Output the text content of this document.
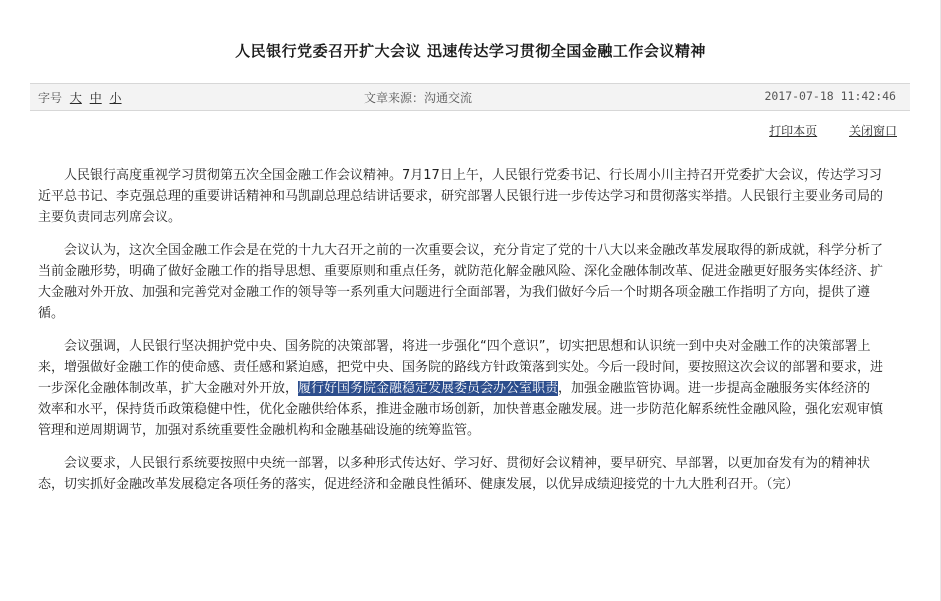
人民银行党委召开扩大会议 迅速传达学习贯彻全国金融工作会议精神
字号 大 中 小	文章来源：沟通交流	2017-07-18 11:42:46
打印本页	关闭窗口

人民银行高度重视学习贯彻第五次全国金融工作会议精神。7月17日上午，人民银行党委书记、行长周小川主持召开党委扩大会议，传达学习习近平总书记、李克强总理的重要讲话精神和马凯副总理总结讲话要求，研究部署人民银行进一步传达学习和贯彻落实举措。人民银行主要业务司局的主要负责同志列席会议。

会议认为，这次全国金融工作会是在党的十九大召开之前的一次重要会议，充分肯定了党的十八大以来金融改革发展取得的新成就，科学分析了当前金融形势，明确了做好金融工作的指导思想、重要原则和重点任务，就防范化解金融风险、深化金融体制改革、促进金融更好服务实体经济、扩大金融对外开放、加强和完善党对金融工作的领导等一系列重大问题进行全面部署，为我们做好今后一个时期各项金融工作指明了方向，提供了遵循。

会议强调，人民银行坚决拥护党中央、国务院的决策部署，将进一步强化“四个意识”，切实把思想和认识统一到中央对金融工作的决策部署上来，增强做好金融工作的使命感、责任感和紧迫感，把党中央、国务院的路线方针政策落到实处。今后一段时间，要按照这次会议的部署和要求，进一步深化金融体制改革，扩大金融对外开放，履行好国务院金融稳定发展委员会办公室职责，加强金融监管协调。进一步提高金融服务实体经济的效率和水平，保持货币政策稳健中性，优化金融供给体系，推进金融市场创新，加快普惠金融发展。进一步防范化解系统性金融风险，强化宏观审慎管理和逆周期调节，加强对系统重要性金融机构和金融基础设施的统筹监管。

会议要求，人民银行系统要按照中央统一部署，以多种形式传达好、学习好、贯彻好会议精神，要早研究、早部署，以更加奋发有为的精神状态，切实抓好金融改革发展稳定各项任务的落实，促进经济和金融良性循环、健康发展，以优异成绩迎接党的十九大胜利召开。（完）
